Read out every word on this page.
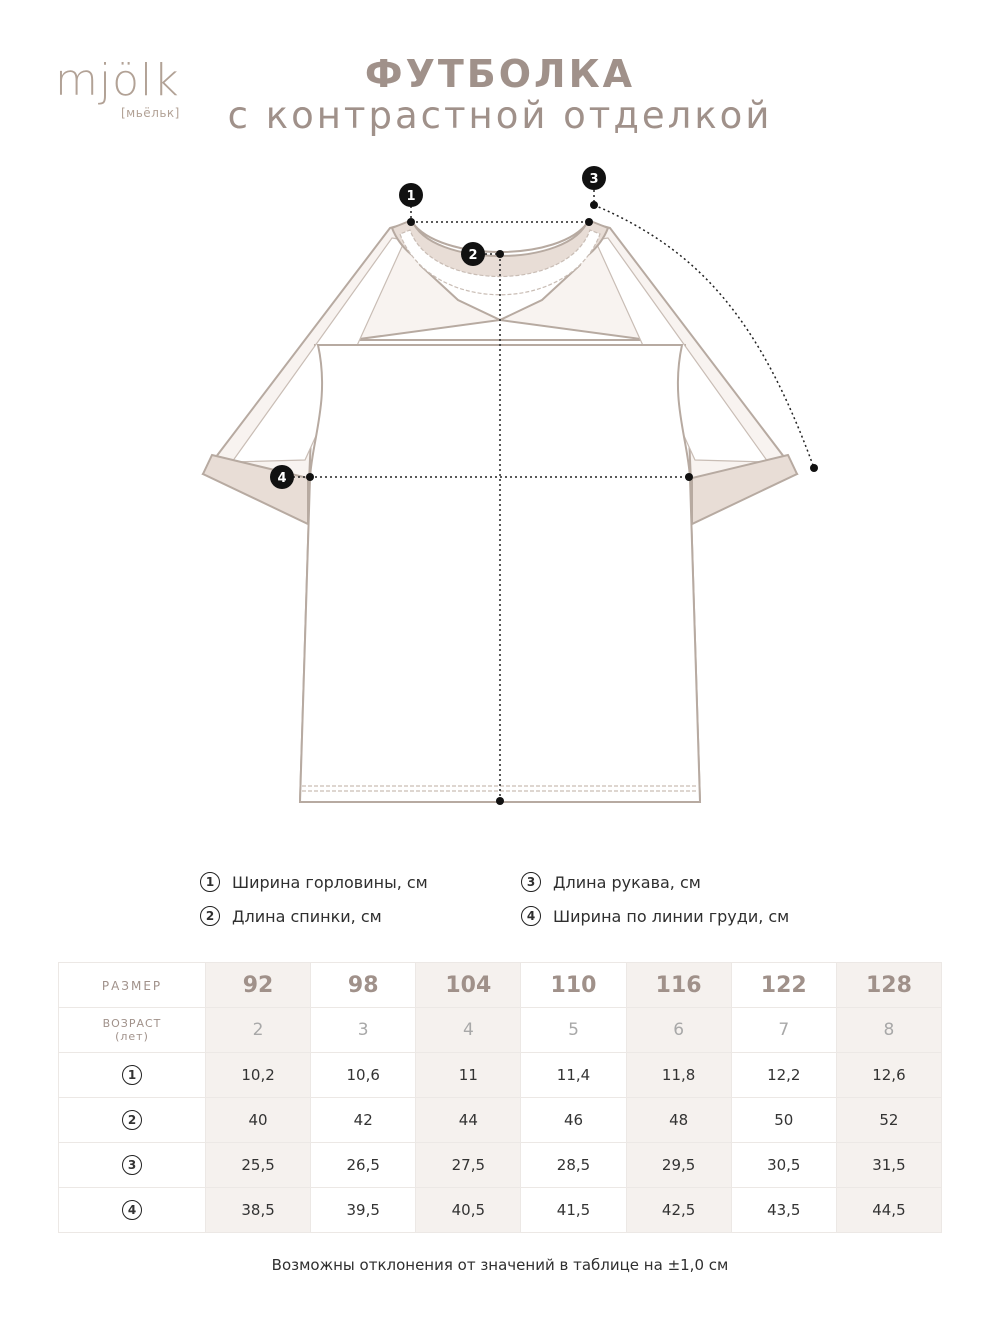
mjölk
[мьёльк]
ФУТБОЛКА
с контрастной отделкой
1
2
3
4
1	Ширина горловины, см
2	Длина спинки, см
3	Длина рукава, см
4	Ширина по линии груди, см
РАЗМЕР	92	98	104	110	116	122	128

ВОЗРАСТ
(лет)	2	3	4	5	6	7	8
1	10,2	10,6	11	11,4	11,8	12,2	12,6
2	40	42	44	46	48	50	52
3	25,5	26,5	27,5	28,5	29,5	30,5	31,5
4	38,5	39,5	40,5	41,5	42,5	43,5	44,5
Возможны отклонения от значений в таблице на ±1,0 см
